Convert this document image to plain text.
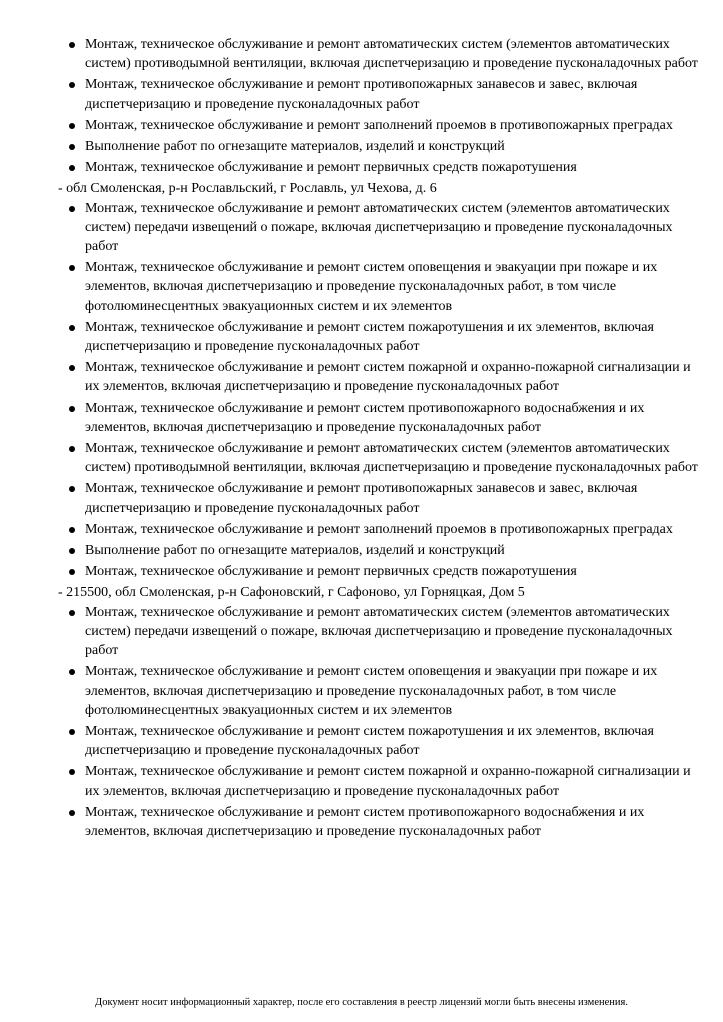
Монтаж, техническое обслуживание и ремонт автоматических систем (элементов автоматических систем) противодымной вентиляции, включая диспетчеризацию и проведение пусконаладочных работ
Монтаж, техническое обслуживание и ремонт противопожарных занавесов и завес, включая диспетчеризацию и проведение пусконаладочных работ
Монтаж, техническое обслуживание и ремонт заполнений проемов в противопожарных преградах
Выполнение работ по огнезащите материалов, изделий и конструкций
Монтаж, техническое обслуживание и ремонт первичных средств пожаротушения
- обл Смоленская, р-н Рославльский, г Рославль, ул Чехова, д. 6
Монтаж, техническое обслуживание и ремонт автоматических систем (элементов автоматических систем) передачи извещений о пожаре, включая диспетчеризацию и проведение пусконаладочных работ
Монтаж, техническое обслуживание и ремонт систем оповещения и эвакуации при пожаре и их элементов, включая диспетчеризацию и проведение пусконаладочных работ, в том числе фотолюминесцентных эвакуационных систем и их элементов
Монтаж, техническое обслуживание и ремонт систем пожаротушения и их элементов, включая диспетчеризацию и проведение пусконаладочных работ
Монтаж, техническое обслуживание и ремонт систем пожарной и охранно-пожарной сигнализации и их элементов, включая диспетчеризацию и проведение пусконаладочных работ
Монтаж, техническое обслуживание и ремонт систем противопожарного водоснабжения и их элементов, включая диспетчеризацию и проведение пусконаладочных работ
Монтаж, техническое обслуживание и ремонт автоматических систем (элементов автоматических систем) противодымной вентиляции, включая диспетчеризацию и проведение пусконаладочных работ
Монтаж, техническое обслуживание и ремонт противопожарных занавесов и завес, включая диспетчеризацию и проведение пусконаладочных работ
Монтаж, техническое обслуживание и ремонт заполнений проемов в противопожарных преградах
Выполнение работ по огнезащите материалов, изделий и конструкций
Монтаж, техническое обслуживание и ремонт первичных средств пожаротушения
- 215500, обл Смоленская, р-н Сафоновский, г Сафоново, ул Горняцкая, Дом 5
Монтаж, техническое обслуживание и ремонт автоматических систем (элементов автоматических систем) передачи извещений о пожаре, включая диспетчеризацию и проведение пусконаладочных работ
Монтаж, техническое обслуживание и ремонт систем оповещения и эвакуации при пожаре и их элементов, включая диспетчеризацию и проведение пусконаладочных работ, в том числе фотолюминесцентных эвакуационных систем и их элементов
Монтаж, техническое обслуживание и ремонт систем пожаротушения и их элементов, включая диспетчеризацию и проведение пусконаладочных работ
Монтаж, техническое обслуживание и ремонт систем пожарной и охранно-пожарной сигнализации и их элементов, включая диспетчеризацию и проведение пусконаладочных работ
Монтаж, техническое обслуживание и ремонт систем противопожарного водоснабжения и их элементов, включая диспетчеризацию и проведение пусконаладочных работ
Документ носит информационный характер, после его составления в реестр лицензий могли быть внесены изменения.
